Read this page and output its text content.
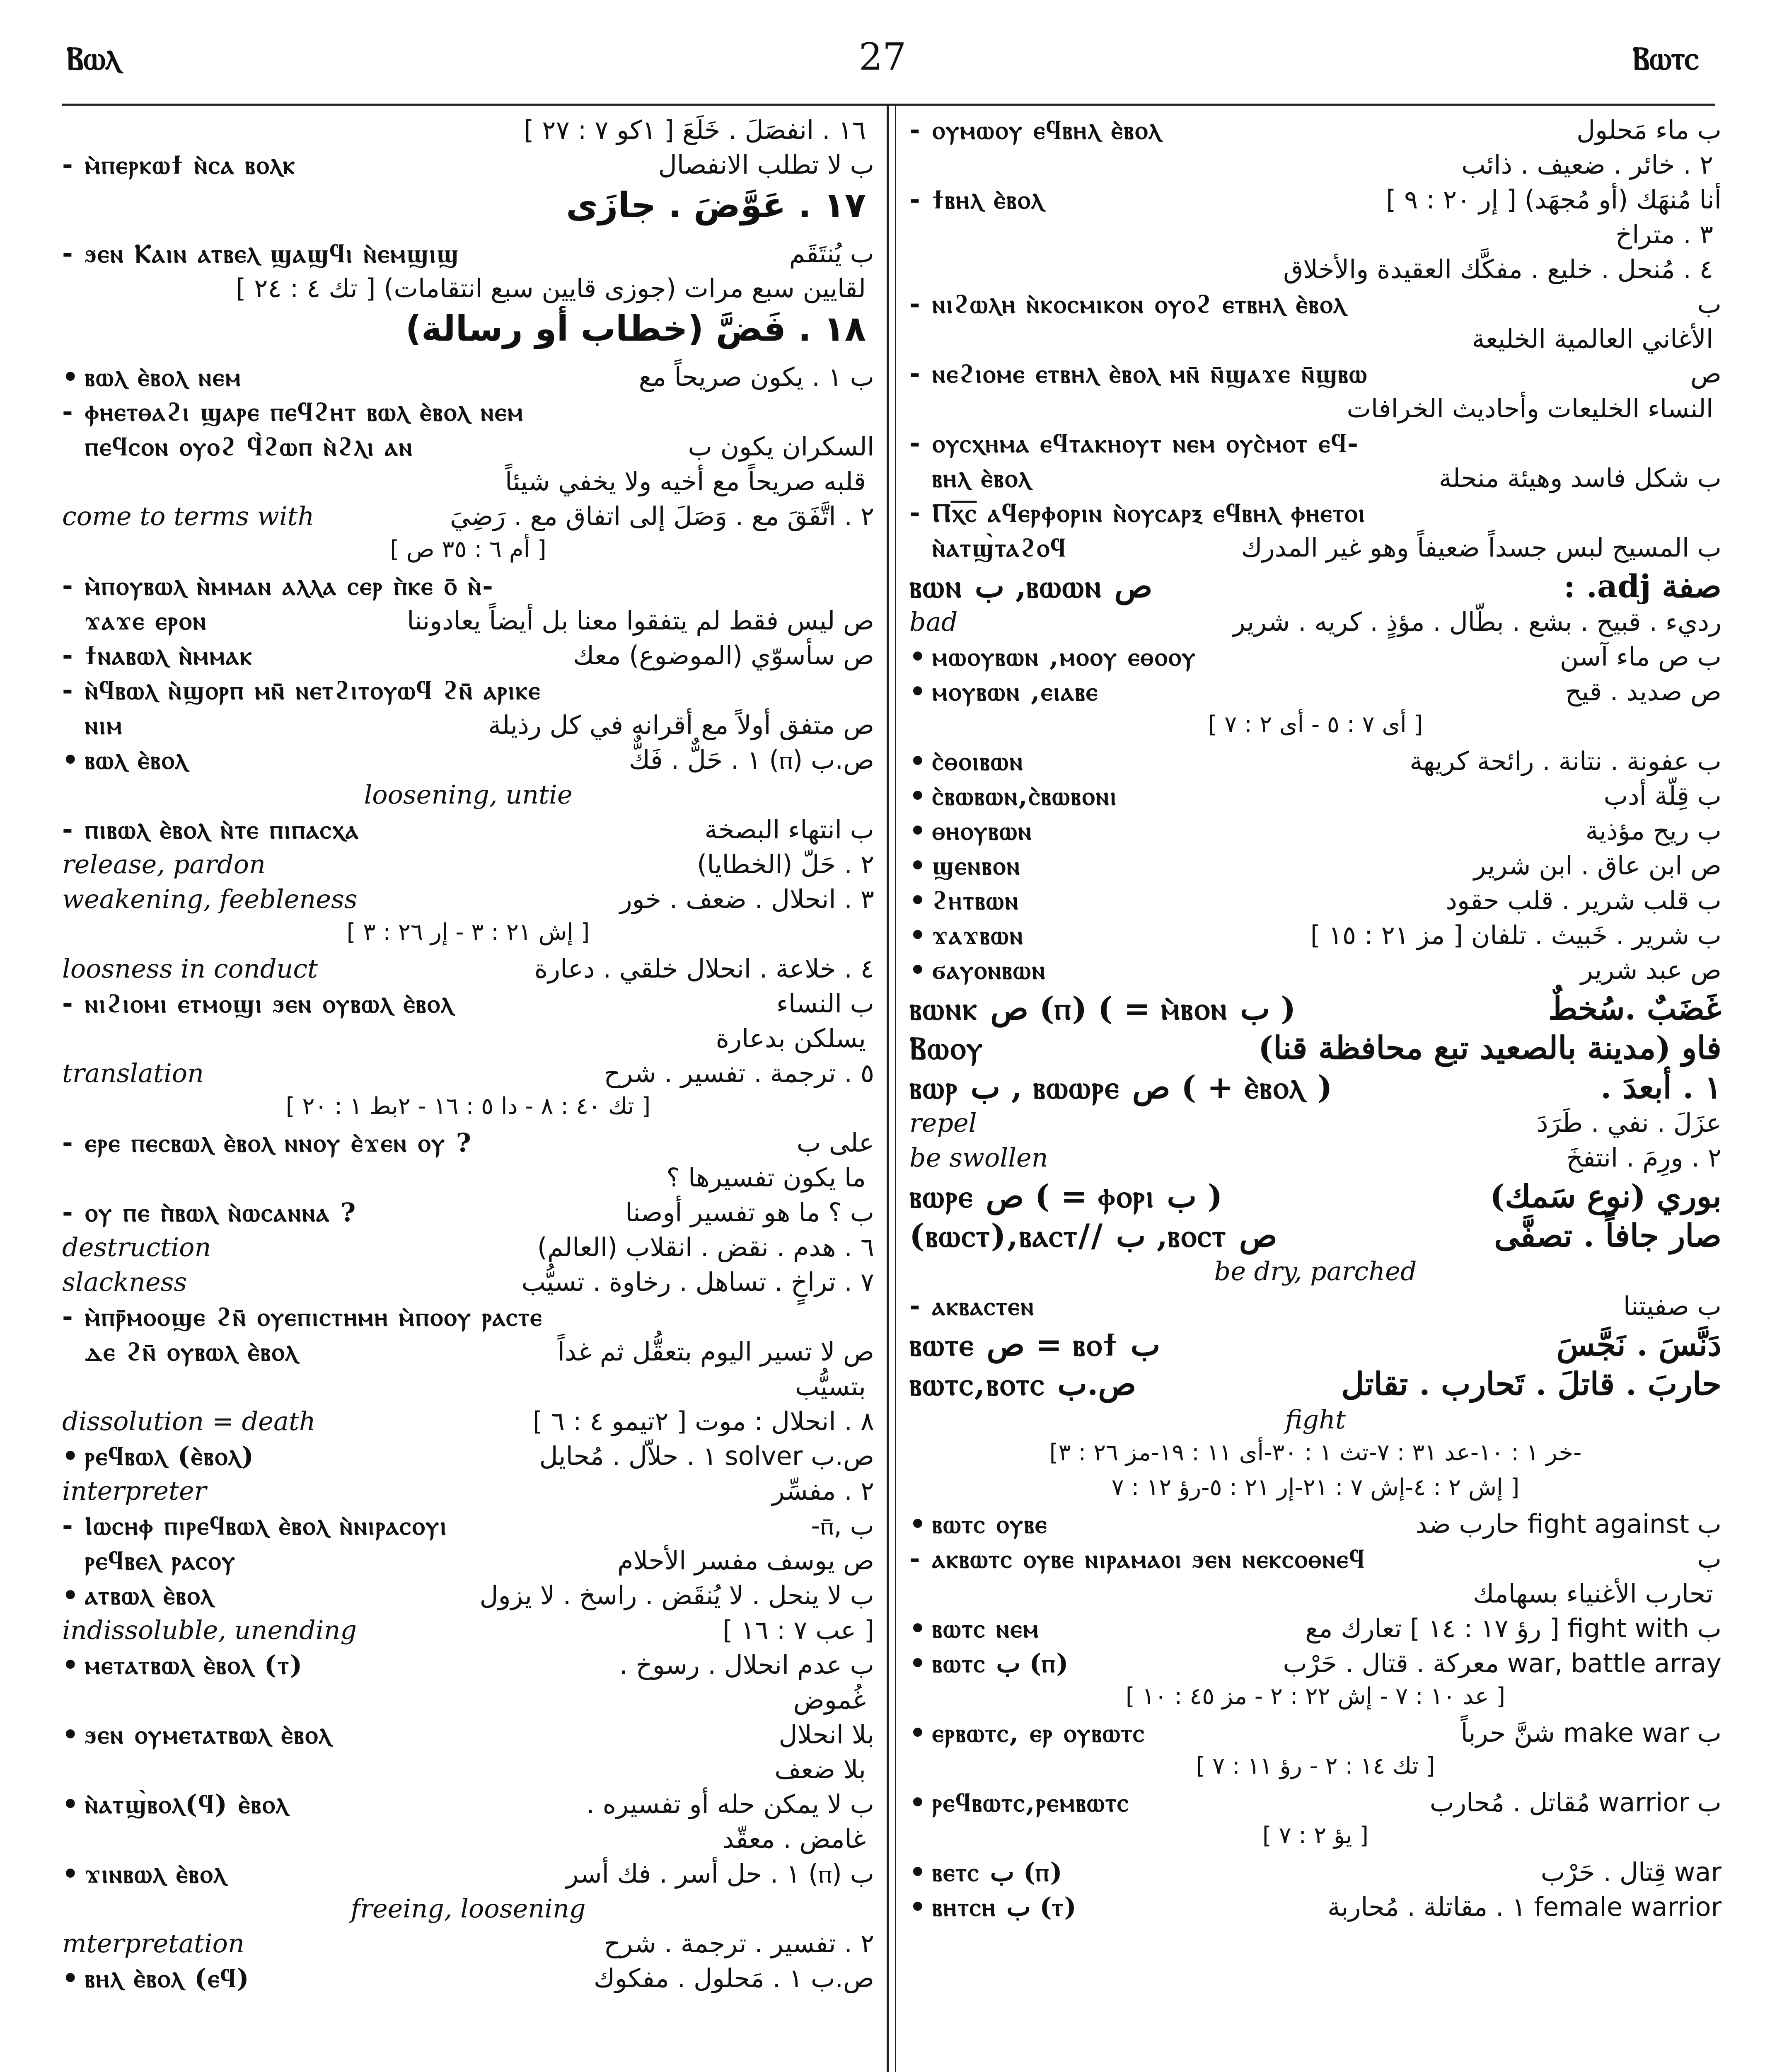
Ⲃⲱⲗ	27	Ⲃⲱⲧⲥ
١٦ . انفصَلَ . خَلَعَ [ ١كو ٧ : ٢٧ ]
- ⲙ̀ⲡⲉⲣⲕⲱϯ ⲛ̀ⲥⲁ ⲃⲟⲗⲕ	ب لا تطلب الانفصال
١٧ . عَوَّضَ . جازَى
- ϧⲉⲛ Ⲕⲁⲓⲛ ⲁⲧⲃⲉⲗ ϣⲁϣϥⲓ ⲛ̀ⲉⲙϣⲓϣ	ب يُنتَقَم
لقايين سبع مرات (جوزى قايين سبع انتقامات) [ تك ٤ : ٢٤ ]
١٨ . فَضَّ (خطاب أو رسالة)
• ⲃⲱⲗ ⲉ̀ⲃⲟⲗ ⲛⲉⲙ	ب ١ . يكون صريحاً مع
- ⲫⲏⲉⲧⲑⲁϩⲓ ϣⲁⲣⲉ ⲡⲉϥϩⲏⲧ ⲃⲱⲗ ⲉ̀ⲃⲟⲗ ⲛⲉⲙ
ⲡⲉϥⲥⲟⲛ ⲟⲩⲟϩ ϥ̀ϩⲱⲡ ⲛ̀ϩⲗⲓ ⲁⲛ	السكران يكون ب
قلبه صريحاً مع أخيه ولا يخفي شيئاً
come to terms with	٢ . اتَّفَقَ مع . وَصَلَ إلى اتفاق مع . رَضِيَ
[ أم ٦ : ٣٥ ص ]
- ⲙ̀ⲡⲟⲩⲃⲱⲗ ⲛ̀ⲙⲙⲁⲛ ⲁⲗⲗⲁ ⲥⲉⲣ ⲡ̀ⲕⲉ ⲟ̄ ⲛ̀-
ϫⲁϫⲉ ⲉⲣⲟⲛ	ص ليس فقط لم يتفقوا معنا بل أيضاً يعادوننا
- ϯⲛⲁⲃⲱⲗ ⲛ̀ⲙⲙⲁⲕ	ص سأسوّي (الموضوع) معك
- ⲛ̀ϥⲃⲱⲗ ⲛ̀ϣⲟⲣⲡ ⲙⲛ̄ ⲛⲉⲧϩⲓⲧⲟⲩⲱϥ ϩⲛ̄ ⲁⲣⲓⲕⲉ
ⲛⲓⲙ	ص متفق أولاً مع أقرانه في كل رذيلة
• ⲃⲱⲗ ⲉ̀ⲃⲟⲗ	ص.ب (ⲡ) ١ . حَلٌّ . فَكٌّ
loosening, untie
- ⲡⲓⲃⲱⲗ ⲉ̀ⲃⲟⲗ ⲛ̀ⲧⲉ ⲡⲓⲡⲁⲥⲭⲁ	ب انتهاء البصخة
release, pardon	٢ . حَلّ (الخطايا)
weakening, feebleness	٣ . انحلال . ضعف . خور
[ إش ٢١ : ٣ - إر ٢٦ : ٣ ]
loosness in conduct	٤ . خلاعة . انحلال خلقي . دعارة
- ⲛⲓϩⲓⲟⲙⲓ ⲉⲧⲙⲟϣⲓ ϧⲉⲛ ⲟⲩⲃⲱⲗ ⲉ̀ⲃⲟⲗ	ب النساء
يسلكن بدعارة
translation	٥ . ترجمة . تفسير . شرح
[ تك ٤٠ : ٨ - دا ٥ : ١٦ - ٢بط ١ : ٢٠ ]
- ⲉⲣⲉ ⲡⲉⲥⲃⲱⲗ ⲉ̀ⲃⲟⲗ ⲛⲛⲟⲩ ⲉ̀ϫⲉⲛ ⲟⲩ ?	على ب
ما يكون تفسيرها ؟
- ⲟⲩ ⲡⲉ ⲡ̀ⲃⲱⲗ ⲛ̀ⲱⲥⲁⲛⲛⲁ ?	ب ؟ ما هو تفسير أوصنا
destruction	٦ . هدم . نقض . انقلاب (العالم)
slackness	٧ . تراخٍ . تساهل . رخاوة . تسيُّب
- ⲙ̀ⲡⲣ̄ⲙⲟⲟϣⲉ ϩⲛ̄ ⲟⲩⲉⲡⲓⲥⲧⲏⲙⲏ ⲙ̀ⲡⲟⲟⲩ ⲣⲁⲥⲧⲉ
ⲇⲉ ϩⲛ̄ ⲟⲩⲃⲱⲗ ⲉ̀ⲃⲟⲗ	ص لا تسير اليوم بتعقُّل ثم غداً
بتسيُّب
dissolution = death	٨ . انحلال : موت [ ٢تيمو ٤ : ٦ ]
• ⲣⲉϥⲃⲱⲗ (ⲉ̀ⲃⲟⲗ)	ص.ب solver ١ . حلاّل . مُحايل
interpreter	٢ . مفسِّر
- Ⲓⲱⲥⲏⲫ ⲡⲓⲣⲉϥⲃⲱⲗ ⲉ̀ⲃⲟⲗ ⲛ̀ⲛⲓⲣⲁⲥⲟⲩⲓ	ب ,ⲡ̄-
ⲣⲉϥⲃⲉⲗ ⲣⲁⲥⲟⲩ	ص يوسف مفسر الأحلام
• ⲁⲧⲃⲱⲗ ⲉ̀ⲃⲟⲗ	ب لا ينحل . لا يُنقَض . راسخ . لا يزول
indissoluble, unending	[ عب ٧ : ١٦ ]
• ⲙⲉⲧⲁⲧⲃⲱⲗ ⲉ̀ⲃⲟⲗ (ⲧ)	ب عدم انحلال . رسوخ .
غُموض
• ϧⲉⲛ ⲟⲩⲙⲉⲧⲁⲧⲃⲱⲗ ⲉ̀ⲃⲟⲗ	بلا انحلال
بلا ضعف
• ⲛ̀ⲁⲧϣ̀ⲃⲟⲗ(ϥ) ⲉ̀ⲃⲟⲗ	ب لا يمكن حله أو تفسيره .
غامض . معقّد
• ϫⲓⲛⲃⲱⲗ ⲉ̀ⲃⲟⲗ	ب (ⲡ) ١ . حل أسر . فك أسر
freeing, loosening
mterpretation	٢ . تفسير . ترجمة . شرح
• ⲃⲏⲗ ⲉ̀ⲃⲟⲗ (ⲉϥ)	ص.ب ١ . مَحلول . مفكوك
- ⲟⲩⲙⲱⲟⲩ ⲉϥⲃⲏⲗ ⲉ̀ⲃⲟⲗ	ب ماء مَحلول
٢ . خائر . ضعيف . ذائب
- ϯⲃⲏⲗ ⲉ̀ⲃⲟⲗ	أنا مُنهَك (أو مُجهَد) [ إر ٢٠ : ٩ ]
٣ . متراخ
٤ . مُنحل . خليع . مفكَّك العقيدة والأخلاق
- ⲛⲓϩⲱⲗⲏ ⲛ̀ⲕⲟⲥⲙⲓⲕⲟⲛ ⲟⲩⲟϩ ⲉⲧⲃⲏⲗ ⲉ̀ⲃⲟⲗ	ب
الأغاني العالمية الخليعة
- ⲛⲉϩⲓⲟⲙⲉ ⲉⲧⲃⲏⲗ ⲉ̀ⲃⲟⲗ ⲙⲛ̄ ⲛ̄ϣⲁϫⲉ ⲛ̄ϣⲃⲱ	ص
النساء الخليعات وأحاديث الخرافات
- ⲟⲩⲥⲭⲏⲙⲁ ⲉϥⲧⲁⲕⲏⲟⲩⲧ ⲛⲉⲙ ⲟⲩⲥ̀ⲙⲟⲧ ⲉϥ-
ⲃⲏⲗ ⲉ̀ⲃⲟⲗ	ب شكل فاسد وهيئة منحلة
- Ⲡⲭ̅ⲥ̅ ⲁϥⲉⲣⲫⲟⲣⲓⲛ ⲛ̀ⲟⲩⲥⲁⲣⲝ ⲉϥⲃⲏⲗ ⲫⲏⲉⲧⲟⲓ
ⲛ̀ⲁⲧϣ̀ⲧⲁϩⲟϥ	ب المسيح لبس جسداً ضعيفاً وهو غير المدرك
ⲃⲱⲛ ب ,ⲃⲱⲱⲛ ص	صفة adj. :
bad	رديء . قبيح . بشع . بطّال . مؤذٍ . كريه . شرير
• ⲙⲱⲟⲩⲃⲱⲛ ,ⲙⲟⲟⲩ ⲉⲑⲟⲟⲩ	ب ص ماء آسن
• ⲙⲟⲩⲃⲱⲛ ,ⲉⲓⲁⲃⲉ	ص صديد . قيح
[ أى ٧ : ٥ - أى ٢ : ٧ ]
• ⲥ̀ⲑⲟⲓⲃⲱⲛ	ب عفونة . نتانة . رائحة كريهة
• ⲥ̀ⲃⲱⲃⲱⲛ,ⲥ̀ⲃⲱⲃⲟⲛⲓ	ب قِلّة أدب
• ⲑⲏⲟⲩⲃⲱⲛ	ب ريح مؤذية
• ϣⲉⲛⲃⲟⲛ	ص ابن عاق . ابن شرير
• ϩⲏⲧⲃⲱⲛ	ب قلب شرير . قلب حقود
• ϫⲁϫⲃⲱⲛ	ب شرير . خَبيث . تلفان [ مز ٢١ : ١٥ ]
• ϭⲁⲩⲟⲛⲃⲱⲛ	ص عبد شرير
ⲃⲱⲛⲕ ص (ⲡ) ( = ⲙ̀ⲃⲟⲛ ب )	غَضَبٌ .سُخطٌ
Ⲃⲱⲟⲩ	فاو (مدينة بالصعيد تبع محافظة قنا)
ⲃⲱⲣ ب , ⲃⲱⲱⲣⲉ ص ( + ⲉ̀ⲃⲟⲗ )	١ . أبعدَ .
repel	عزَلَ . نفي . طَرَدَ
be swollen	٢ . ورِمَ . انتفخَ
ⲃⲱⲣⲉ ص ( = ⲫⲟⲣⲓ ب )	بوري (نوع سَمك)
(ⲃⲱⲥⲧ),ⲃⲁⲥⲧ// ب ,ⲃⲟⲥⲧ ص	صار جافاً . تصفَّى
be dry, parched
- ⲁⲕⲃⲁⲥⲧⲉⲛ	ب صفيتنا
ⲃⲱⲧⲉ ص = ⲃⲟϯ ب	دَنَّسَ . نَجَّسَ
ⲃⲱⲧⲥ,ⲃⲟⲧⲥ ص.ب	حاربَ . قاتلَ . تَحارب . تقاتل
fight
[خر ١ : ١٠-عد ٣١ : ٧-تث ١ : ٣٠-أى ١١ : ١٩-مز ٢٦ : ٣-
إش ٢ : ٤-إش ٧ : ٢١-إر ٢١ : ٥-رؤ ١٢ : ٧ ]
• ⲃⲱⲧⲥ ⲟⲩⲃⲉ	ب fight against حارب ضد
- ⲁⲕⲃⲱⲧⲥ ⲟⲩⲃⲉ ⲛⲓⲣⲁⲙⲁⲟⲓ ϧⲉⲛ ⲛⲉⲕⲥⲟⲑⲛⲉϥ	ب
تحارب الأغنياء بسهامك
• ⲃⲱⲧⲥ ⲛⲉⲙ	ب fight with [ رؤ ١٧ : ١٤ ] تعارك مع
• ⲃⲱⲧⲥ ب (ⲡ)	war, battle array معركة . قتال . حَرْب
[ عد ١٠ : ٧ - إش ٢٢ : ٢ - مز ٤٥ : ١٠ ]
• ⲉⲣⲃⲱⲧⲥ, ⲉⲣ ⲟⲩⲃⲱⲧⲥ	ب make war شنَّ حرباً
[ تك ١٤ : ٢ - رؤ ١١ : ٧ ]
• ⲣⲉϥⲃⲱⲧⲥ,ⲣⲉⲙⲃⲱⲧⲥ	ب warrior مُقاتل . مُحارب
[ يؤ ٢ : ٧ ]
• ⲃⲉⲧⲥ ب (ⲡ)	war قِتال . حَرْب
• ⲃⲏⲧⲥⲏ ب (ⲧ)	female warrior ١ . مقاتلة . مُحاربة
